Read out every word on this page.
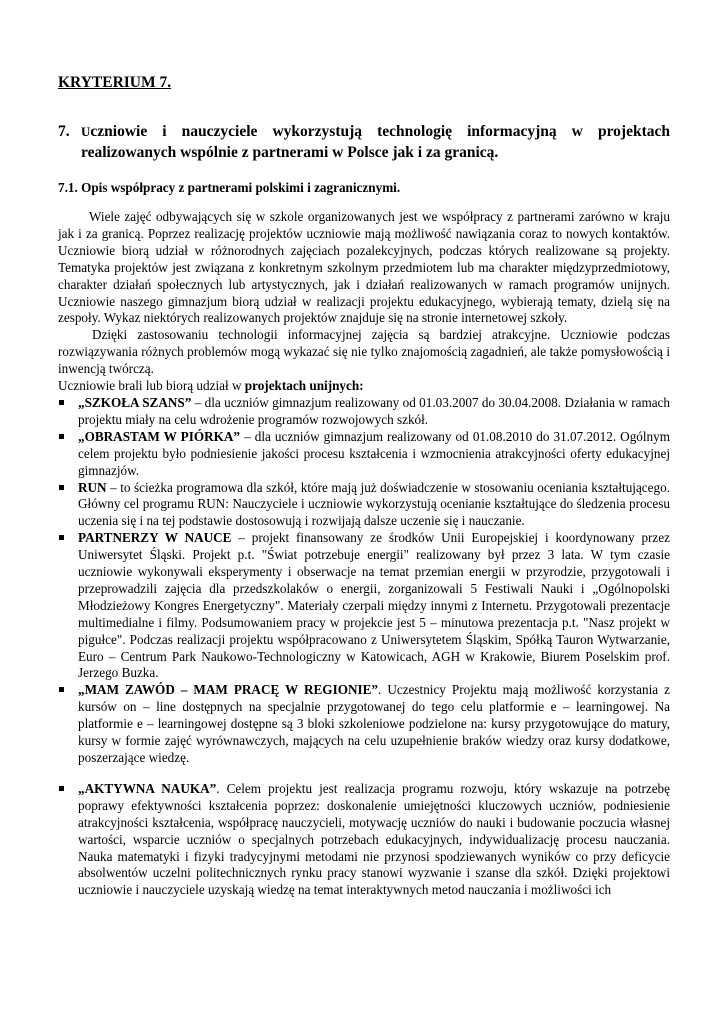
KRYTERIUM 7.

7. Uczniowie i nauczyciele wykorzystują technologię informacyjną w projektach realizowanych wspólnie z partnerami w Polsce jak i za granicą.

7.1. Opis współpracy z partnerami polskimi i zagranicznymi.

Wiele zajęć odbywających się w szkole organizowanych jest we współpracy z partnerami zarówno w kraju jak i za granicą. Poprzez realizację projektów uczniowie mają możliwość nawiązania coraz to nowych kontaktów. Uczniowie biorą udział w różnorodnych zajęciach pozalekcyjnych, podczas których realizowane są projekty. Tematyka projektów jest związana z konkretnym szkolnym przedmiotem lub ma charakter międzyprzedmiotowy, charakter działań społecznych lub artystycznych, jak i działań realizowanych w ramach programów unijnych. Uczniowie naszego gimnazjum biorą udział w realizacji projektu edukacyjnego, wybierają tematy, dzielą się na zespoły. Wykaz niektórych realizowanych projektów znajduje się na stronie internetowej szkoły.

Dzięki zastosowaniu technologii informacyjnej zajęcia są bardziej atrakcyjne. Uczniowie podczas rozwiązywania różnych problemów mogą wykazać się nie tylko znajomością zagadnień, ale także pomysłowością i inwencją twórczą.

Uczniowie brali lub biorą udział w projektach unijnych:

„SZKOŁA SZANS” – dla uczniów gimnazjum realizowany od 01.03.2007 do 30.04.2008. Działania w ramach projektu miały na celu wdrożenie programów rozwojowych szkół.
„OBRASTAM W PIÓRKA” – dla uczniów gimnazjum realizowany od 01.08.2010 do 31.07.2012. Ogólnym celem projektu było podniesienie jakości procesu kształcenia i wzmocnienia atrakcyjności oferty edukacyjnej gimnazjów.
RUN – to ścieżka programowa dla szkół, które mają już doświadczenie w stosowaniu oceniania kształtującego. Główny cel programu RUN: Nauczyciele i uczniowie wykorzystują ocenianie kształtujące do śledzenia procesu uczenia się i na tej podstawie dostosowują i rozwijają dalsze uczenie się i nauczanie.
PARTNERZY W NAUCE – projekt finansowany ze środków Unii Europejskiej i koordynowany przez Uniwersytet Śląski. Projekt p.t. "Świat potrzebuje energii" realizowany był przez 3 lata. W tym czasie uczniowie wykonywali eksperymenty i obserwacje na temat przemian energii w przyrodzie, przygotowali i przeprowadzili zajęcia dla przedszkolaków o energii, zorganizowali 5 Festiwali Nauki i „Ogólnopolski Młodzieżowy Kongres Energetyczny". Materiały czerpali między innymi z Internetu. Przygotowali prezentacje multimedialne i filmy. Podsumowaniem pracy w projekcie jest 5 – minutowa prezentacja p.t. "Nasz projekt w pigułce". Podczas realizacji projektu współpracowano z Uniwersytetem Śląskim, Spółką Tauron Wytwarzanie, Euro – Centrum Park Naukowo-Technologiczny w Katowicach, AGH w Krakowie, Biurem Poselskim prof. Jerzego Buzka.
„MAM ZAWÓD – MAM PRACĘ W REGIONIE”. Uczestnicy Projektu mają możliwość korzystania z kursów on – line dostępnych na specjalnie przygotowanej do tego celu platformie e – learningowej. Na platformie e – learningowej dostępne są 3 bloki szkoleniowe podzielone na: kursy przygotowujące do matury, kursy w formie zajęć wyrównawczych, mających na celu uzupełnienie braków wiedzy oraz kursy dodatkowe, poszerzające wiedzę.
„AKTYWNA NAUKA”. Celem projektu jest realizacja programu rozwoju, który wskazuje na potrzebę poprawy efektywności kształcenia poprzez: doskonalenie umiejętności kluczowych uczniów, podniesienie atrakcyjności kształcenia, współpracę nauczycieli, motywację uczniów do nauki i budowanie poczucia własnej wartości, wsparcie uczniów o specjalnych potrzebach edukacyjnych, indywidualizację procesu nauczania. Nauka matematyki i fizyki tradycyjnymi metodami nie przynosi spodziewanych wyników co przy deficycie absolwentów uczelni politechnicznych rynku pracy stanowi wyzwanie i szanse dla szkół. Dzięki projektowi uczniowie i nauczyciele uzyskają wiedzę na temat interaktywnych metod nauczania i możliwości ich
